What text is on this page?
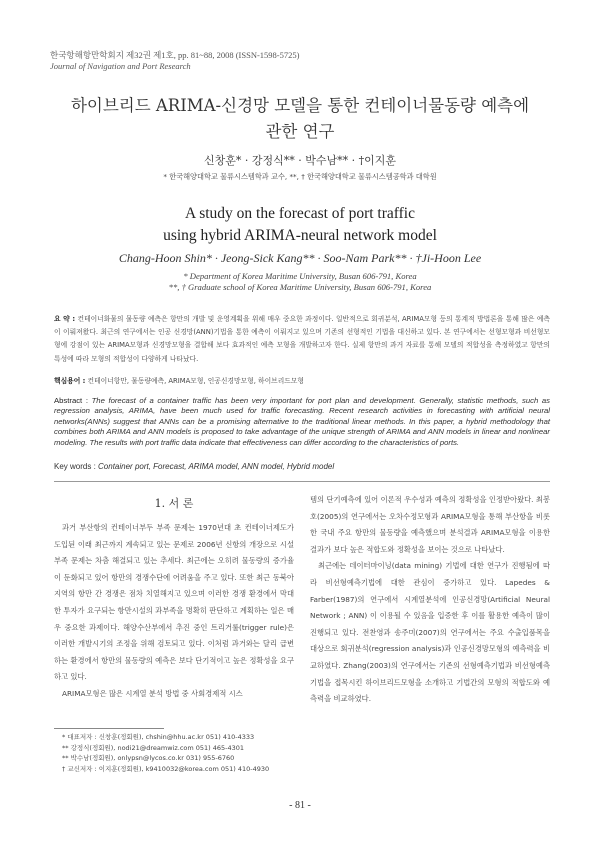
한국항해항만학회지 제32권 제1호, pp. 81~88, 2008 (ISSN-1598-5725)
Journal of Navigation and Port Research
하이브리드 ARIMA-신경망 모델을 통한 컨테이너물동량 예측에
관한 연구
신창훈* · 강정식** · 박수남** · †이지훈
* 한국해양대학교 물류시스템학과 교수, **, † 한국해양대학교 물류시스템공학과 대학원
A study on the forecast of port traffic
using hybrid ARIMA-neural network model
Chang-Hoon Shin* · Jeong-Sick Kang** · Soo-Nam Park** · †Ji-Hoon Lee
* Department of Korea Maritime University, Busan 606-791, Korea
**, † Graduate school of Korea Maritime University, Busan 606-791, Korea
요 약 : 컨테이너화물의 물동량 예측은 항만의 개발 및 운영계획을 위해 매우 중요한 과정이다. 일반적으로 회귀분석, ARIMA모형 등의 통계적 방법론을 통해 많은 예측이 이뤄져왔다. 최근의 연구에서는 인공 신경망(ANN)기법을 통한 예측이 이뤄지고 있으며 기존의 선형적인 기법을 대신하고 있다. 본 연구에서는 선형모형과 비선형모형에 강점이 있는 ARIMA모형과 신경망모형을 결합해 보다 효과적인 예측 모형을 개발하고자 한다. 실제 항만의 과거 자료를 통해 모델의 적합성을 측정하였고 항만의 특성에 따라 모형의 적합성이 다양하게 나타났다.
핵심용어 : 컨테이너항만, 물동량예측, ARIMA모형, 인공신경망모형, 하이브리드모형
Abstract : The forecast of a container traffic has been very important for port plan and development. Generally, statistic methods, such as regression analysis, ARIMA, have been much used for traffic forecasting. Recent research activities in forecasting with artificial neural networks(ANNs) suggest that ANNs can be a promising alternative to the traditional linear methods. In this paper, a hybrid methodology that combines both ARIMA and ANN models is proposed to take advantage of the unique strength of ARIMA and ANN models in linear and nonlinear modeling. The results with port traffic data indicate that effectiveness can differ according to the characteristics of ports.
Key words : Container port, Forecast, ARIMA model, ANN model, Hybrid model
1. 서 론

과거 부산항의 컨테이너부두 부족 문제는 1970년대 초 컨테이너제도가 도입된 이래 최근까지 계속되고 있는 문제로 2006년 신항의 개장으로 시설부족 문제는 차츰 해결되고 있는 추세다. 최근에는 오히려 물동량의 증가율이 둔화되고 있어 항만의 경쟁수단에 어려움을 주고 있다. 또한 최근 동북아지역의 항만 간 경쟁은 점차 치열해지고 있으며 이러한 경쟁 환경에서 막대한 투자가 요구되는 항만시설의 과부족을 명확히 판단하고 계획하는 일은 매우 중요한 과제이다. 해양수산부에서 추진 중인 트리거룰(trigger rule)은 이러한 개발시기의 조정을 위해 검토되고 있다. 이처럼 과거와는 달리 급변하는 환경에서 항만의 물동량의 예측은 보다 단기적이고 높은 정확성을 요구하고 있다.

ARIMA모형은 많은 시계열 분석 방법 중 사회경제적 시스

템의 단기예측에 있어 이론적 우수성과 예측의 정확성을 인정받아왔다. 최봉호(2005)의 연구에서는 오차수정모형과 ARIMA모형을 통해 부산항을 비롯한 국내 주요 항만의 물동량을 예측했으며 분석결과 ARIMA모형을 이용한 결과가 보다 높은 적합도와 정확성을 보이는 것으로 나타났다.

최근에는 데이터마이닝(data mining) 기법에 대한 연구가 진행됨에 따라 비선형예측기법에 대한 관심이 증가하고 있다. Lapedes & Farber(1987)의 연구에서 시계열분석에 인공신경망(Artificial Neural Network ; ANN) 이 이용될 수 있음을 입증한 후 이를 활용한 예측이 많이 진행되고 있다. 전찬영과 송주미(2007)의 연구에서는 주요 수출입품목을 대상으로 회귀분석(regression analysis)과 인공신경망모형의 예측력을 비교하였다. Zhang(2003)의 연구에서는 기존의 선형예측기법과 비선형예측기법을 접목시킨 하이브리드모형을 소개하고 기법간의 모형의 적합도와 예측력을 비교하였다.

* 대표저자 : 신창훈(정회원), chshin@hhu.ac.kr 051) 410-4333
** 강정식(정회원), nodi21@dreamwiz.com 051) 465-4301
** 박수남(정회원), onlypsn@lycos.co.kr 031) 955-6760
† 교신저자 : 이지훈(정회원), k9410032@korea.com 051) 410-4930
- 81 -
